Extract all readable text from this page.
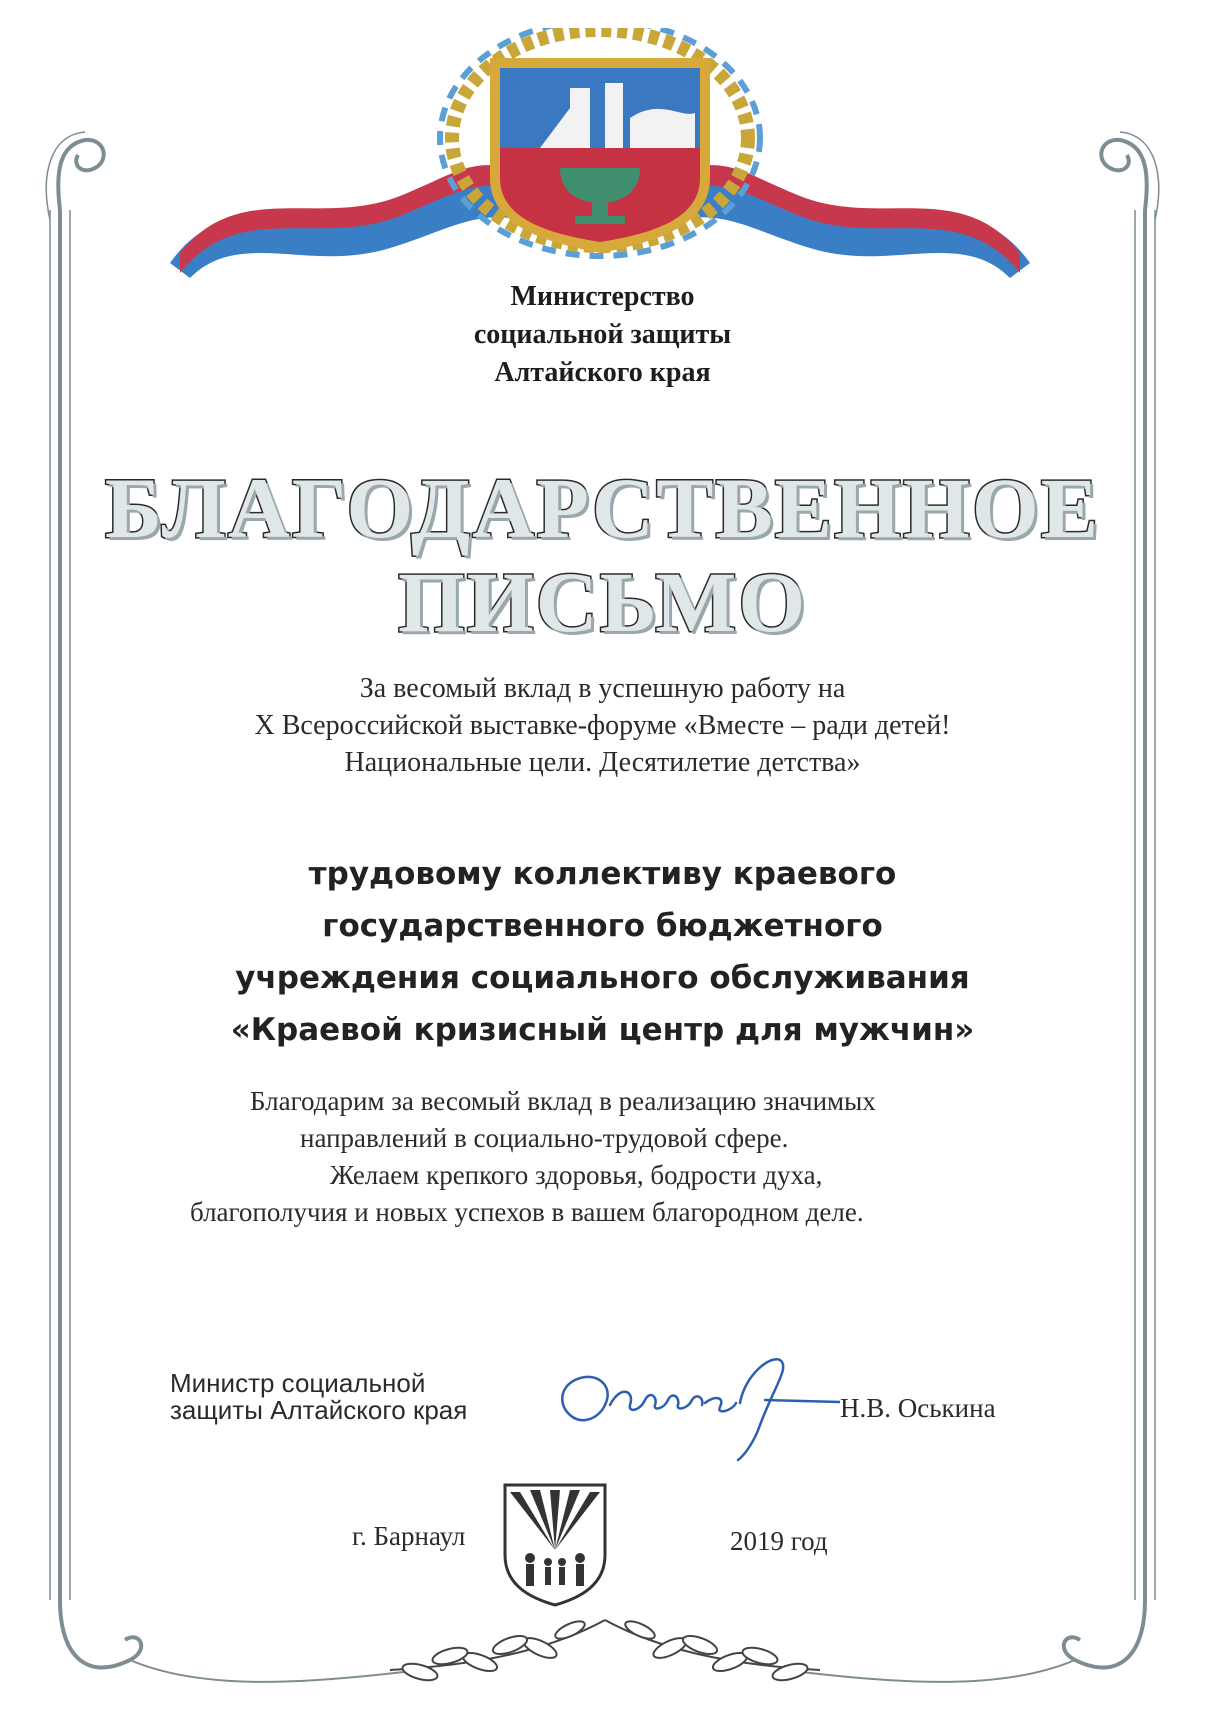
Министерство
социальной защиты
Алтайского края
БЛАГОДАРСТВЕННОЕ
ПИСЬМО
За весомый вклад в успешную работу на
X Всероссийской выставке-форуме «Вместе – ради детей!
Национальные цели. Десятилетие детства»
трудовому коллективу краевого
государственного бюджетного
учреждения социального обслуживания
«Краевой кризисный центр для мужчин»
Благодарим за весомый вклад в реализацию значимых
направлений в социально-трудовой сфере.
Желаем крепкого здоровья, бодрости духа,
благополучия и новых успехов в вашем благородном деле.
Министр социальной
защиты Алтайского края	Н.В. Оськина
г. Барнаул	2019 год
